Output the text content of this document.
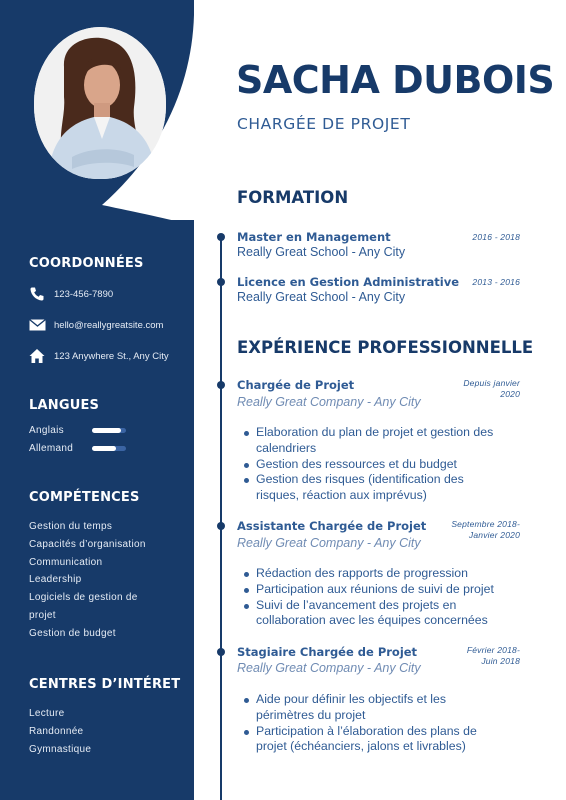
COORDONNÉES
123-456-7890
hello@reallygreatsite.com
123 Anywhere St., Any City
LANGUES
Anglais
Allemand
COMPÉTENCES
Gestion du temps
Capacités d’organisation
Communication
Leadership
Logiciels de gestion de
projet
Gestion de budget
CENTRES D’INTÉRET
Lecture
Randonnée
Gymnastique
SACHA DUBOIS
CHARGÉE DE PROJET
FORMATION
Master en Management
Really Great School - Any City
2016 - 2018
Licence en Gestion Administrative
Really Great School - Any City
2013 - 2016
EXPÉRIENCE PROFESSIONNELLE
Chargée de Projet
Really Great Company - Any City
Depuis janvier
2020
Elaboration du plan de projet et gestion des
calendriers
Gestion des ressources et du budget
Gestion des risques (identification des
risques, réaction aux imprévus)
Assistante Chargée de Projet
Really Great Company - Any City
Septembre 2018-
Janvier 2020
Rédaction des rapports de progression
Participation aux réunions de suivi de projet
Suivi de l’avancement des projets en
collaboration avec les équipes concernées
Stagiaire Chargée de Projet
Really Great Company - Any City
Février 2018-
Juin 2018
Aide pour définir les objectifs et les
périmètres du projet
Participation à l’élaboration des plans de
projet (échéanciers, jalons et livrables)
